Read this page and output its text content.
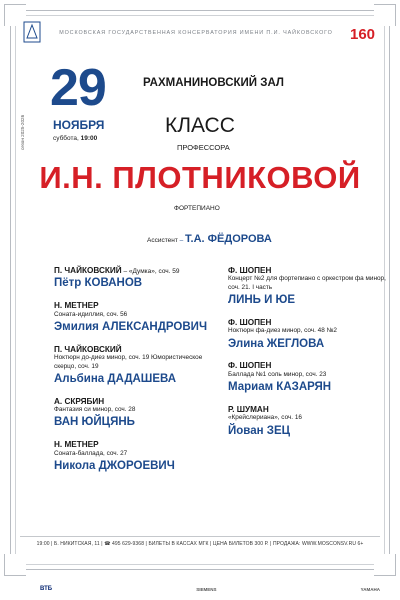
МОСКОВСКАЯ ГОСУДАРСТВЕННАЯ КОНСЕРВАТОРИЯ ИМЕНИ П.И. ЧАЙКОВСКОГО	160
сезон 2025-2026
29
НОЯБРЯ
суббота, 19:00
РАХМАНИНОВСКИЙ ЗАЛ
КЛАСС
ПРОФЕССОРА
И.Н. ПЛОТНИКОВОЙ
ФОРТЕПИАНО
Ассистент – Т.А. ФЁДОРОВА
П. ЧАЙКОВСКИЙ – «Думка», соч. 59
Пётр КОВАНОВ
Н. МЕТНЕР
Соната-идиллия, соч. 56
Эмилия АЛЕКСАНДРОВИЧ
П. ЧАЙКОВСКИЙ
Ноктюрн до-диез минор, соч. 19 Юмористическое скерцо, соч. 19
Альбина ДАДАШЕВА
А. СКРЯБИН
Фантазия си минор, соч. 28
ВАН ЮЙЦЯНЬ
Н. МЕТНЕР
Соната-баллада, соч. 27
Никола ДЖОРОЕВИЧ
Ф. ШОПЕН
Концерт №2 для фортепиано с оркестром фа минор, соч. 21. I часть
ЛИНЬ И ЮЕ
Ф. ШОПЕН
Ноктюрн фа-диез минор, соч. 48 №2
Элина ЖЕГЛОВА
Ф. ШОПЕН
Баллада №1 соль минор, соч. 23
Мариам КАЗАРЯН
Р. ШУМАН
«Крейслериана», соч. 16
Йован ЗЕЦ
19:00 | Б. НИКИТСКАЯ, 11 | ☎ 495 629-9368 | БИЛЕТЫ В КАССАХ МГК | ЦЕНА БИЛЕТОВ 300 Р. | ПРОДАЖА: WWW.MOSCONSV.RU 6+
ВТБ	SIEMENS	YAMAHA
